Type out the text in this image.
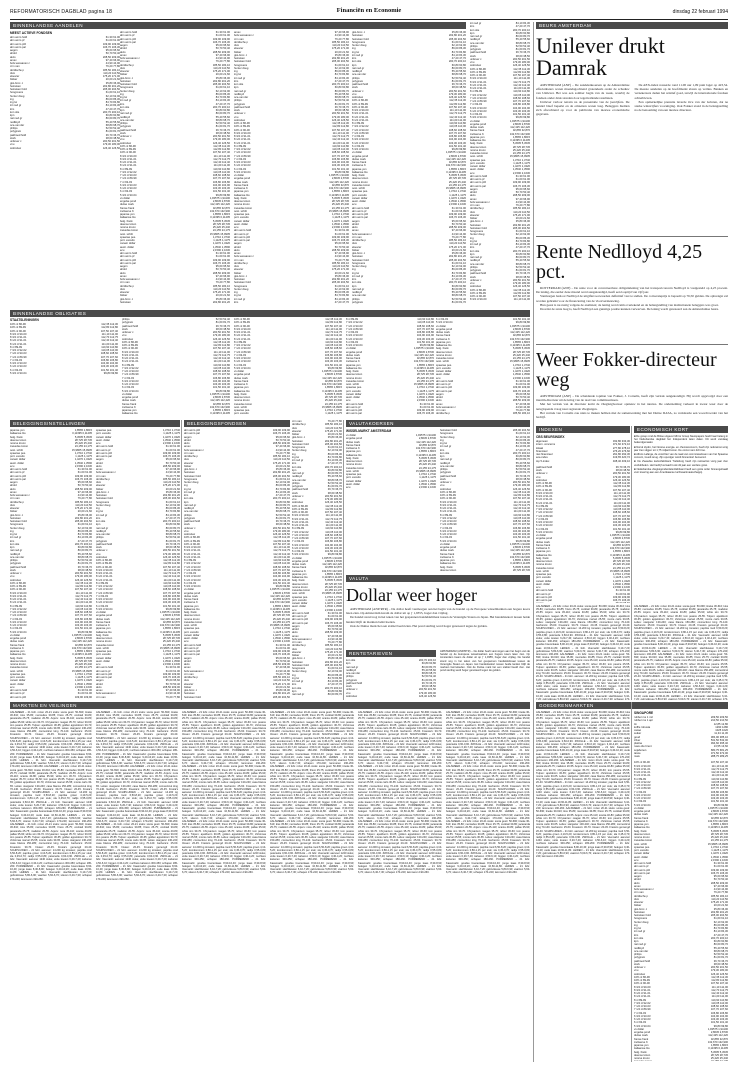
REFORMATORISCH DAGBLAD pagina 18	Financiën en Economie	dinsdag 22 februari 1994
BINNENLANDSE AANDELEN
MEEST ACTIEVE FONDSEN
abn amro hold	61.30 61.00
abn amro pf	61.00 61.00
abn amro pfd	109,90 109,90
abn amro pal	106,70 106,30
aegon	95,60 95,60
ahold	50,70 50,40
akzo	208,50 209,00
amev	97,40 96,90
bols wessanen c	44,90 44,90
crm van	76,20 77,80
dordtsche p	185,50 184,10
dsm	110,20 110,50
elsevier	175,20 171,00
fokker	20,00 21,60
gist-broc. c	35,80 36,00
heineken	202,80 201,20
heineken hold	205,00 204,50
hoogovens	61,60 61,10
hunter doug	62,10 62,00
ing	86,00 86,30
ing Iw	84,70 84,80
int ned gr	84,10 84,30
kim	47,20 47,70
kon olie	200,70 200,10
kpn	60,80 60,80
nat ned gr	80,60 80,70
nedlloyd	55,40 55,60
oce-van der	68,80 68,70
philips	52,50 52,40
polygram	81,60 81,70
pakhoed hold	36,70 36,70
stork	38,60 38,50
unilever c	200,50 201,50
vnu	179,30 180,00
wolt-kluw	126,40 126,50
abn amro hold	61.30 61.00
abn amro pf	61.00 61.00
abn amro pfd	109,90 109,90
abn amro pal	106,70 106,30
aegon	95,60 95,60
ahold	50,70 50,40
akzo	208,50 209,00
amev	97,40 96,90
bols wessanen c	44,90 44,90
crm van	76,20 77,80
dordtsche p	185,50 184,10
dsm	110,20 110,50
elsevier	175,20 171,00
fokker	20,00 21,60
gist-broc. c	35,80 36,00
heineken	202,80 201,20
heineken hold	205,00 204,50
hoogovens	61,60 61,10
hunter doug	62,10 62,00
ing	86,00 86,30
ing Iw	84,70 84,80
int ned gr	84,10 84,30
kim	47,20 47,70
kon olie	200,70 200,10
kpn	60,80 60,80
nat ned gr	80,60 80,70
nedlloyd	55,40 55,60
oce-van der	68,80 68,70
philips	52,50 52,40
polygram	81,60 81,70
pakhoed hold	36,70 36,70
stork	38,60 38,50
unilever c	200,50 201,50
vnu	179,30 180,00
wolt-kluw	126,40 126,50
10% nl 86-96	112,35 112,30
10% nl 89-99	112,80 112,80
10% nl 90-00	107,50 107,40
8 3/4 nl 90-00	111,10 111,00
8 3/4 nl 91-01	112,70 112,75
8 1/2 nl 91-01	112,40 112,40
8 1/4 nl 91-01	111,00 111,00
8 nl 89-99	110,90 110,80
7 3/4 nl 92-02	110,05 110,00
7 1/2 nl 93-03	108,60 108,60
7 1/4 nl 89-99	107,70 107,60
7 nl 93-03	106,80 106,80
6 3/4 nl 93-03	104,90 104,90
6 1/2 nl 93-03	103,30 103,30
6 nl 93-03	101,50 101,40
5 3/4 nl 93-04	99,80 99,80
vs dollar	1,93575 1,94100
engelse pond	2,8645 2,8730
duitse mark	112,425 112,420
franse frank	32,865 32,870
zwitserse fr.	132,670 132,900
japanse yen	1,8565 1,8615
italiaanse lire	0,11395 0,11405
belg. frank	5,4505 5,4545
deense kroon	28,725 28,745
noorse kroon	25,420 25,440
zweedse kroon	24,155 24,175
oost. schill.	15,9865 15,9905
spaanse pes.	1,3710 1,3740
port. escudo	1,1125 1,1175
canad. dollar	1,4270 1,4320
austr. dollar	1,3540 1,3590
ecu	2,1590 2,1630
abn amro hold	61.30 61.00
abn amro pf	61.00 61.00
abn amro pfd	109,90 109,90
abn amro pal	106,70 106,30
aegon	95,60 95,60
ahold	50,70 50,40
akzo	208,50 209,00
amev	97,40 96,90
bols wessanen c	44,90 44,90
crm van	76,20 77,80
dordtsche p	185,50 184,10
dsm	110,20 110,50
elsevier	175,20 171,00
fokker	20,00 21,60
gist-broc. c	35,80 36,00
heineken	202,80 201,20
amev	97,40 96,90
bols wessanen c	44,90 44,90
crm van	76,20 77,80
dordtsche p	185,50 184,10
dsm	110,20 110,50
elsevier	175,20 171,00
fokker	20,00 21,60
gist-broc. c	35,80 36,00
heineken	202,80 201,20
heineken hold	205,00 204,50
hoogovens	61,60 61,10
hunter doug	62,10 62,00
ing	86,00 86,30
ing Iw	84,70 84,80
int ned gr	84,10 84,30
kim	47,20 47,70
kon olie	200,70 200,10
kpn	60,80 60,80
nat ned gr	80,60 80,70
nedlloyd	55,40 55,60
oce-van der	68,80 68,70
philips	52,50 52,40
polygram	81,60 81,70
pakhoed hold	36,70 36,70
stork	38,60 38,50
unilever c	200,50 201,50
vnu	179,30 180,00
wolt-kluw	126,40 126,50
10% nl 86-96	112,35 112,30
10% nl 89-99	112,80 112,80
10% nl 90-00	107,50 107,40
8 3/4 nl 90-00	111,10 111,00
8 3/4 nl 91-01	112,70 112,75
8 1/2 nl 91-01	112,40 112,40
8 1/4 nl 91-01	111,00 111,00
8 nl 89-99	110,90 110,80
7 3/4 nl 92-02	110,05 110,00
7 1/2 nl 93-03	108,60 108,60
7 1/4 nl 89-99	107,70 107,60
7 nl 93-03	106,80 106,80
6 3/4 nl 93-03	104,90 104,90
6 1/2 nl 93-03	103,30 103,30
6 nl 93-03	101,50 101,40
5 3/4 nl 93-04	99,80 99,80
vs dollar	1,93575 1,94100
engelse pond	2,8645 2,8730
duitse mark	112,425 112,420
franse frank	32,865 32,870
zwitserse fr.	132,670 132,900
japanse yen	1,8565 1,8615
italiaanse lire	0,11395 0,11405
belg. frank	5,4505 5,4545
deense kroon	28,725 28,745
noorse kroon	25,420 25,440
zweedse kroon	24,155 24,175
oost. schill.	15,9865 15,9905
spaanse pes.	1,3710 1,3740
port. escudo	1,1125 1,1175
canad. dollar	1,4270 1,4320
austr. dollar	1,3540 1,3590
ecu	2,1590 2,1630
abn amro hold	61.30 61.00
abn amro pf	61.00 61.00
abn amro pfd	109,90 109,90
abn amro pal	106,70 106,30
aegon	95,60 95,60
ahold	50,70 50,40
akzo	208,50 209,00
amev	97,40 96,90
bols wessanen c	44,90 44,90
crm van	76,20 77,80
dordtsche p	185,50 184,10
dsm	110,20 110,50
elsevier	175,20 171,00
fokker	20,00 21,60
gist-broc. c	35,80 36,00
heineken	202,80 201,20
heineken hold	205,00 204,50
hoogovens	61,60 61,10
hunter doug	62,10 62,00
ing	86,00 86,30
ing Iw	84,70 84,80
int ned gr	84,10 84,30
kim	47,20 47,70
gist-broc. c	35,80 36,00
heineken	202,80 201,20
heineken hold	205,00 204,50
hoogovens	61,60 61,10
hunter doug	62,10 62,00
ing	86,00 86,30
ing Iw	84,70 84,80
int ned gr	84,10 84,30
kim	47,20 47,70
kon olie	200,70 200,10
kpn	60,80 60,80
nat ned gr	80,60 80,70
nedlloyd	55,40 55,60
oce-van der	68,80 68,70
philips	52,50 52,40
polygram	81,60 81,70
pakhoed hold	36,70 36,70
stork	38,60 38,50
unilever c	200,50 201,50
vnu	179,30 180,00
wolt-kluw	126,40 126,50
10% nl 86-96	112,35 112,30
10% nl 89-99	112,80 112,80
10% nl 90-00	107,50 107,40
8 3/4 nl 90-00	111,10 111,00
8 3/4 nl 91-01	112,70 112,75
8 1/2 nl 91-01	112,40 112,40
8 1/4 nl 91-01	111,00 111,00
8 nl 89-99	110,90 110,80
7 3/4 nl 92-02	110,05 110,00
7 1/2 nl 93-03	108,60 108,60
7 1/4 nl 89-99	107,70 107,60
7 nl 93-03	106,80 106,80
6 3/4 nl 93-03	104,90 104,90
6 1/2 nl 93-03	103,30 103,30
6 nl 93-03	101,50 101,40
5 3/4 nl 93-04	99,80 99,80
vs dollar	1,93575 1,94100
engelse pond	2,8645 2,8730
duitse mark	112,425 112,420
franse frank	32,865 32,870
zwitserse fr.	132,670 132,900
japanse yen	1,8565 1,8615
italiaanse lire	0,11395 0,11405
belg. frank	5,4505 5,4545
deense kroon	28,725 28,745
noorse kroon	25,420 25,440
zweedse kroon	24,155 24,175
oost. schill.	15,9865 15,9905
spaanse pes.	1,3710 1,3740
port. escudo	1,1125 1,1175
canad. dollar	1,4270 1,4320
austr. dollar	1,3540 1,3590
ecu	2,1590 2,1630
abn amro hold	61.30 61.00
abn amro pf	61.00 61.00
abn amro pfd	109,90 109,90
abn amro pal	106,70 106,30
aegon	95,60 95,60
ahold	50,70 50,40
akzo	208,50 209,00
amev	97,40 96,90
bols wessanen c	44,90 44,90
crm van	76,20 77,80
dordtsche p	185,50 184,10
dsm	110,20 110,50
elsevier	175,20 171,00
fokker	20,00 21,60
gist-broc. c	35,80 36,00
heineken	202,80 201,20
heineken hold	205,00 204,50
hoogovens	61,60 61,10
hunter doug	62,10 62,00
ing	86,00 86,30
ing Iw	84,70 84,80
int ned gr	84,10 84,30
kim	47,20 47,70
kon olie	200,70 200,10
kpn	60,80 60,80
nat ned gr	80,60 80,70
nedlloyd	55,40 55,60
oce-van der	68,80 68,70
philips	52,50 52,40
polygram	81,60 81,70
int ned gr	84,10 84,30
kim	47,20 47,70
kon olie	200,70 200,10
kpn	60,80 60,80
nat ned gr	80,60 80,70
nedlloyd	55,40 55,60
oce-van der	68,80 68,70
philips	52,50 52,40
polygram	81,60 81,70
pakhoed hold	36,70 36,70
stork	38,60 38,50
unilever c	200,50 201,50
vnu	179,30 180,00
wolt-kluw	126,40 126,50
10% nl 86-96	112,35 112,30
10% nl 89-99	112,80 112,80
10% nl 90-00	107,50 107,40
8 3/4 nl 90-00	111,10 111,00
8 3/4 nl 91-01	112,70 112,75
8 1/2 nl 91-01	112,40 112,40
8 1/4 nl 91-01	111,00 111,00
8 nl 89-99	110,90 110,80
7 3/4 nl 92-02	110,05 110,00
7 1/2 nl 93-03	108,60 108,60
7 1/4 nl 89-99	107,70 107,60
7 nl 93-03	106,80 106,80
6 3/4 nl 93-03	104,90 104,90
6 1/2 nl 93-03	103,30 103,30
6 nl 93-03	101,50 101,40
5 3/4 nl 93-04	99,80 99,80
vs dollar	1,93575 1,94100
engelse pond	2,8645 2,8730
duitse mark	112,425 112,420
franse frank	32,865 32,870
zwitserse fr.	132,670 132,900
japanse yen	1,8565 1,8615
italiaanse lire	0,11395 0,11405
belg. frank	5,4505 5,4545
deense kroon	28,725 28,745
noorse kroon	25,420 25,440
zweedse kroon	24,155 24,175
oost. schill.	15,9865 15,9905
spaanse pes.	1,3710 1,3740
port. escudo	1,1125 1,1175
canad. dollar	1,4270 1,4320
austr. dollar	1,3540 1,3590
ecu	2,1590 2,1630
abn amro hold	61.30 61.00
abn amro pf	61.00 61.00
abn amro pfd	109,90 109,90
abn amro pal	106,70 106,30
aegon	95,60 95,60
ahold	50,70 50,40
akzo	208,50 209,00
amev	97,40 96,90
bols wessanen c	44,90 44,90
crm van	76,20 77,80
dordtsche p	185,50 184,10
dsm	110,20 110,50
elsevier	175,20 171,00
fokker	20,00 21,60
gist-broc. c	35,80 36,00
heineken	202,80 201,20
heineken hold	205,00 204,50
hoogovens	61,60 61,10
hunter doug	62,10 62,00
ing	86,00 86,30
ing Iw	84,70 84,80
int ned gr	84,10 84,30
kim	47,20 47,70
kon olie	200,70 200,10
kpn	60,80 60,80
nat ned gr	80,60 80,70
nedlloyd	55,40 55,60
oce-van der	68,80 68,70
philips	52,50 52,40
polygram	81,60 81,70
pakhoed hold	36,70 36,70
stork	38,60 38,50
unilever c	200,50 201,50
vnu	179,30 180,00
wolt-kluw	126,40 126,50
10% nl 86-96	112,35 112,30
10% nl 89-99	112,80 112,80
10% nl 90-00	107,50 107,40
8 3/4 nl 90-00	111,10 111,00
BINNENLANDSE OBLIGATIES
STAATSLENINGEN
10% nl 86-96	112,35 112,30
10% nl 89-99	112,80 112,80
10% nl 90-00	107,50 107,40
8 3/4 nl 90-00	111,10 111,00
8 3/4 nl 91-01	112,70 112,75
8 1/2 nl 91-01	112,40 112,40
8 1/4 nl 91-01	111,00 111,00
8 nl 89-99	110,90 110,80
7 3/4 nl 92-02	110,05 110,00
7 1/2 nl 93-03	108,60 108,60
7 1/4 nl 89-99	107,70 107,60
7 nl 93-03	106,80 106,80
6 3/4 nl 93-03	104,90 104,90
6 1/2 nl 93-03	103,30 103,30
6 nl 93-03	101,50 101,40
5 3/4 nl 93-04	99,80 99,80
philips	52,50 52,40
polygram	81,60 81,70
pakhoed hold	36,70 36,70
stork	38,60 38,50
unilever c	200,50 201,50
vnu	179,30 180,00
wolt-kluw	126,40 126,50
10% nl 86-96	112,35 112,30
10% nl 89-99	112,80 112,80
10% nl 90-00	107,50 107,40
8 3/4 nl 90-00	111,10 111,00
8 3/4 nl 91-01	112,70 112,75
8 1/2 nl 91-01	112,40 112,40
8 1/4 nl 91-01	111,00 111,00
8 nl 89-99	110,90 110,80
7 3/4 nl 92-02	110,05 110,00
7 1/2 nl 93-03	108,60 108,60
7 1/4 nl 89-99	107,70 107,60
7 nl 93-03	106,80 106,80
6 3/4 nl 93-03	104,90 104,90
6 1/2 nl 93-03	103,30 103,30
6 nl 93-03	101,50 101,40
5 3/4 nl 93-04	99,80 99,80
vs dollar	1,93575 1,94100
engelse pond	2,8645 2,8730
duitse mark	112,425 112,420
franse frank	32,865 32,870
zwitserse fr.	132,670 132,900
japanse yen	1,8565 1,8615
italiaanse lire	0,11395 0,11405
10% nl 86-96	112,35 112,30
10% nl 89-99	112,80 112,80
10% nl 90-00	107,50 107,40
8 3/4 nl 90-00	111,10 111,00
8 3/4 nl 91-01	112,70 112,75
8 1/2 nl 91-01	112,40 112,40
8 1/4 nl 91-01	111,00 111,00
8 nl 89-99	110,90 110,80
7 3/4 nl 92-02	110,05 110,00
7 1/2 nl 93-03	108,60 108,60
7 1/4 nl 89-99	107,70 107,60
7 nl 93-03	106,80 106,80
6 3/4 nl 93-03	104,90 104,90
6 1/2 nl 93-03	103,30 103,30
6 nl 93-03	101,50 101,40
5 3/4 nl 93-04	99,80 99,80
vs dollar	1,93575 1,94100
engelse pond	2,8645 2,8730
duitse mark	112,425 112,420
franse frank	32,865 32,870
zwitserse fr.	132,670 132,900
japanse yen	1,8565 1,8615
italiaanse lire	0,11395 0,11405
belg. frank	5,4505 5,4545
deense kroon	28,725 28,745
noorse kroon	25,420 25,440
zweedse kroon	24,155 24,175
oost. schill.	15,9865 15,9905
spaanse pes.	1,3710 1,3740
port. escudo	1,1125 1,1175
8 nl 89-99	110,90 110,80
7 3/4 nl 92-02	110,05 110,00
7 1/2 nl 93-03	108,60 108,60
7 1/4 nl 89-99	107,70 107,60
7 nl 93-03	106,80 106,80
6 3/4 nl 93-03	104,90 104,90
6 1/2 nl 93-03	103,30 103,30
6 nl 93-03	101,50 101,40
5 3/4 nl 93-04	99,80 99,80
vs dollar	1,93575 1,94100
engelse pond	2,8645 2,8730
duitse mark	112,425 112,420
franse frank	32,865 32,870
zwitserse fr.	132,670 132,900
japanse yen	1,8565 1,8615
italiaanse lire	0,11395 0,11405
belg. frank	5,4505 5,4545
deense kroon	28,725 28,745
noorse kroon	25,420 25,440
zweedse kroon	24,155 24,175
oost. schill.	15,9865 15,9905
spaanse pes.	1,3710 1,3740
port. escudo	1,1125 1,1175
canad. dollar	1,4270 1,4320
austr. dollar	1,3540 1,3590
ecu	2,1590 2,1630
abn amro hold	61.30 61.00
abn amro pf	61.00 61.00
abn amro pfd	109,90 109,90
abn amro pal	106,70 106,30
6 nl 93-03	101,50 101,40
5 3/4 nl 93-04	99,80 99,80
vs dollar	1,93575 1,94100
engelse pond	2,8645 2,8730
duitse mark	112,425 112,420
franse frank	32,865 32,870
zwitserse fr.	132,670 132,900
japanse yen	1,8565 1,8615
italiaanse lire	0,11395 0,11405
belg. frank	5,4505 5,4545
deense kroon	28,725 28,745
noorse kroon	25,420 25,440
zweedse kroon	24,155 24,175
oost. schill.	15,9865 15,9905
spaanse pes.	1,3710 1,3740
port. escudo	1,1125 1,1175
canad. dollar	1,4270 1,4320
austr. dollar	1,3540 1,3590
ecu	2,1590 2,1630
abn amro hold	61.30 61.00
abn amro pf	61.00 61.00
abn amro pfd	109,90 109,90
abn amro pal	106,70 106,30
aegon	95,60 95,60
ahold	50,70 50,40
akzo	208,50 209,00
amev	97,40 96,90
bols wessanen c	44,90 44,90
crm van	76,20 77,80
dordtsche p	185,50 184,10
BELEGGINGSINSTELLINGEN
japanse yen	1,8565 1,8615
italiaanse lire	0,11395 0,11405
belg. frank	5,4505 5,4545
deense kroon	28,725 28,745
noorse kroon	25,420 25,440
zweedse kroon	24,155 24,175
oost. schill.	15,9865 15,9905
spaanse pes.	1,3710 1,3740
port. escudo	1,1125 1,1175
canad. dollar	1,4270 1,4320
austr. dollar	1,3540 1,3590
ecu	2,1590 2,1630
abn amro hold	61.30 61.00
abn amro pf	61.00 61.00
abn amro pfd	109,90 109,90
abn amro pal	106,70 106,30
aegon	95,60 95,60
ahold	50,70 50,40
akzo	208,50 209,00
amev	97,40 96,90
bols wessanen c	44,90 44,90
crm van	76,20 77,80
dordtsche p	185,50 184,10
dsm	110,20 110,50
elsevier	175,20 171,00
fokker	20,00 21,60
gist-broc. c	35,80 36,00
heineken	202,80 201,20
heineken hold	205,00 204,50
hoogovens	61,60 61,10
hunter doug	62,10 62,00
ing	86,00 86,30
ing Iw	84,70 84,80
int ned gr	84,10 84,30
kim	47,20 47,70
kon olie	200,70 200,10
kpn	60,80 60,80
nat ned gr	80,60 80,70
nedlloyd	55,40 55,60
oce-van der	68,80 68,70
philips	52,50 52,40
polygram	81,60 81,70
pakhoed hold	36,70 36,70
stork	38,60 38,50
unilever c	200,50 201,50
vnu	179,30 180,00
wolt-kluw	126,40 126,50
10% nl 86-96	112,35 112,30
10% nl 89-99	112,80 112,80
10% nl 90-00	107,50 107,40
8 3/4 nl 90-00	111,10 111,00
8 3/4 nl 91-01	112,70 112,75
8 1/2 nl 91-01	112,40 112,40
8 1/4 nl 91-01	111,00 111,00
8 nl 89-99	110,90 110,80
7 3/4 nl 92-02	110,05 110,00
7 1/2 nl 93-03	108,60 108,60
7 1/4 nl 89-99	107,70 107,60
7 nl 93-03	106,80 106,80
6 3/4 nl 93-03	104,90 104,90
6 1/2 nl 93-03	103,30 103,30
6 nl 93-03	101,50 101,40
5 3/4 nl 93-04	99,80 99,80
vs dollar	1,93575 1,94100
engelse pond	2,8645 2,8730
duitse mark	112,425 112,420
franse frank	32,865 32,870
zwitserse fr.	132,670 132,900
japanse yen	1,8565 1,8615
italiaanse lire	0,11395 0,11405
belg. frank	5,4505 5,4545
deense kroon	28,725 28,745
noorse kroon	25,420 25,440
zweedse kroon	24,155 24,175
oost. schill.	15,9865 15,9905
spaanse pes.	1,3710 1,3740
port. escudo	1,1125 1,1175
canad. dollar	1,4270 1,4320
austr. dollar	1,3540 1,3590
ecu	2,1590 2,1630
abn amro hold	61.30 61.00
abn amro pf	61.00 61.00
abn amro pfd	109,90 109,90
spaanse pes.	1,3710 1,3740
port. escudo	1,1125 1,1175
canad. dollar	1,4270 1,4320
austr. dollar	1,3540 1,3590
ecu	2,1590 2,1630
abn amro hold	61.30 61.00
abn amro pf	61.00 61.00
abn amro pfd	109,90 109,90
abn amro pal	106,70 106,30
aegon	95,60 95,60
ahold	50,70 50,40
akzo	208,50 209,00
amev	97,40 96,90
bols wessanen c	44,90 44,90
crm van	76,20 77,80
dordtsche p	185,50 184,10
dsm	110,20 110,50
elsevier	175,20 171,00
fokker	20,00 21,60
gist-broc. c	35,80 36,00
heineken	202,80 201,20
heineken hold	205,00 204,50
hoogovens	61,60 61,10
hunter doug	62,10 62,00
ing	86,00 86,30
ing Iw	84,70 84,80
int ned gr	84,10 84,30
kim	47,20 47,70
kon olie	200,70 200,10
kpn	60,80 60,80
nat ned gr	80,60 80,70
nedlloyd	55,40 55,60
oce-van der	68,80 68,70
philips	52,50 52,40
polygram	81,60 81,70
pakhoed hold	36,70 36,70
stork	38,60 38,50
unilever c	200,50 201,50
vnu	179,30 180,00
wolt-kluw	126,40 126,50
10% nl 86-96	112,35 112,30
10% nl 89-99	112,80 112,80
10% nl 90-00	107,50 107,40
8 3/4 nl 90-00	111,10 111,00
8 3/4 nl 91-01	112,70 112,75
8 1/2 nl 91-01	112,40 112,40
8 1/4 nl 91-01	111,00 111,00
8 nl 89-99	110,90 110,80
7 3/4 nl 92-02	110,05 110,00
7 1/2 nl 93-03	108,60 108,60
7 1/4 nl 89-99	107,70 107,60
7 nl 93-03	106,80 106,80
6 3/4 nl 93-03	104,90 104,90
6 1/2 nl 93-03	103,30 103,30
6 nl 93-03	101,50 101,40
5 3/4 nl 93-04	99,80 99,80
vs dollar	1,93575 1,94100
engelse pond	2,8645 2,8730
duitse mark	112,425 112,420
franse frank	32,865 32,870
zwitserse fr.	132,670 132,900
japanse yen	1,8565 1,8615
italiaanse lire	0,11395 0,11405
belg. frank	5,4505 5,4545
deense kroon	28,725 28,745
noorse kroon	25,420 25,440
zweedse kroon	24,155 24,175
oost. schill.	15,9865 15,9905
spaanse pes.	1,3710 1,3740
port. escudo	1,1125 1,1175
canad. dollar	1,4270 1,4320
austr. dollar	1,3540 1,3590
ecu	2,1590 2,1630
abn amro hold	61.30 61.00
abn amro pf	61.00 61.00
abn amro pfd	109,90 109,90
abn amro pal	106,70 106,30
aegon	95,60 95,60
ahold	50,70 50,40
akzo	208,50 209,00
amev	97,40 96,90
bols wessanen c	44,90 44,90
crm van	76,20 77,80
BELEGGINGSFONDSEN
abn amro pfd	109,90 109,90
abn amro pal	106,70 106,30
aegon	95,60 95,60
ahold	50,70 50,40
akzo	208,50 209,00
amev	97,40 96,90
bols wessanen c	44,90 44,90
crm van	76,20 77,80
dordtsche p	185,50 184,10
dsm	110,20 110,50
elsevier	175,20 171,00
fokker	20,00 21,60
gist-broc. c	35,80 36,00
heineken	202,80 201,20
heineken hold	205,00 204,50
hoogovens	61,60 61,10
hunter doug	62,10 62,00
ing	86,00 86,30
ing Iw	84,70 84,80
int ned gr	84,10 84,30
kim	47,20 47,70
kon olie	200,70 200,10
kpn	60,80 60,80
nat ned gr	80,60 80,70
nedlloyd	55,40 55,60
oce-van der	68,80 68,70
philips	52,50 52,40
polygram	81,60 81,70
pakhoed hold	36,70 36,70
stork	38,60 38,50
unilever c	200,50 201,50
vnu	179,30 180,00
wolt-kluw	126,40 126,50
10% nl 86-96	112,35 112,30
10% nl 89-99	112,80 112,80
10% nl 90-00	107,50 107,40
8 3/4 nl 90-00	111,10 111,00
8 3/4 nl 91-01	112,70 112,75
8 1/2 nl 91-01	112,40 112,40
8 1/4 nl 91-01	111,00 111,00
8 nl 89-99	110,90 110,80
7 3/4 nl 92-02	110,05 110,00
7 1/2 nl 93-03	108,60 108,60
7 1/4 nl 89-99	107,70 107,60
7 nl 93-03	106,80 106,80
6 3/4 nl 93-03	104,90 104,90
6 1/2 nl 93-03	103,30 103,30
6 nl 93-03	101,50 101,40
5 3/4 nl 93-04	99,80 99,80
vs dollar	1,93575 1,94100
engelse pond	2,8645 2,8730
duitse mark	112,425 112,420
franse frank	32,865 32,870
zwitserse fr.	132,670 132,900
japanse yen	1,8565 1,8615
italiaanse lire	0,11395 0,11405
belg. frank	5,4505 5,4545
deense kroon	28,725 28,745
noorse kroon	25,420 25,440
zweedse kroon	24,155 24,175
oost. schill.	15,9865 15,9905
spaanse pes.	1,3710 1,3740
port. escudo	1,1125 1,1175
canad. dollar	1,4270 1,4320
austr. dollar	1,3540 1,3590
ecu	2,1590 2,1630
abn amro hold	61.30 61.00
abn amro pf	61.00 61.00
abn amro pfd	109,90 109,90
abn amro pal	106,70 106,30
aegon	95,60 95,60
ahold	50,70 50,40
akzo	208,50 209,00
amev	97,40 96,90
bols wessanen c	44,90 44,90
crm van	76,20 77,80
dordtsche p	185,50 184,10
dsm	110,20 110,50
elsevier	175,20 171,00
fokker	20,00 21,60
gist-broc. c	35,80 36,00
heineken	202,80 201,20
heineken hold	205,00 204,50
crm van	76,20 77,80
dordtsche p	185,50 184,10
dsm	110,20 110,50
elsevier	175,20 171,00
fokker	20,00 21,60
gist-broc. c	35,80 36,00
heineken	202,80 201,20
heineken hold	205,00 204,50
hoogovens	61,60 61,10
hunter doug	62,10 62,00
ing	86,00 86,30
ing Iw	84,70 84,80
int ned gr	84,10 84,30
kim	47,20 47,70
kon olie	200,70 200,10
kpn	60,80 60,80
nat ned gr	80,60 80,70
nedlloyd	55,40 55,60
oce-van der	68,80 68,70
philips	52,50 52,40
polygram	81,60 81,70
pakhoed hold	36,70 36,70
stork	38,60 38,50
unilever c	200,50 201,50
vnu	179,30 180,00
wolt-kluw	126,40 126,50
10% nl 86-96	112,35 112,30
10% nl 89-99	112,80 112,80
10% nl 90-00	107,50 107,40
8 3/4 nl 90-00	111,10 111,00
8 3/4 nl 91-01	112,70 112,75
8 1/2 nl 91-01	112,40 112,40
8 1/4 nl 91-01	111,00 111,00
8 nl 89-99	110,90 110,80
7 3/4 nl 92-02	110,05 110,00
7 1/2 nl 93-03	108,60 108,60
7 1/4 nl 89-99	107,70 107,60
7 nl 93-03	106,80 106,80
6 3/4 nl 93-03	104,90 104,90
6 1/2 nl 93-03	103,30 103,30
6 nl 93-03	101,50 101,40
5 3/4 nl 93-04	99,80 99,80
vs dollar	1,93575 1,94100
engelse pond	2,8645 2,8730
duitse mark	112,425 112,420
franse frank	32,865 32,870
zwitserse fr.	132,670 132,900
japanse yen	1,8565 1,8615
italiaanse lire	0,11395 0,11405
belg. frank	5,4505 5,4545
deense kroon	28,725 28,745
noorse kroon	25,420 25,440
zweedse kroon	24,155 24,175
oost. schill.	15,9865 15,9905
spaanse pes.	1,3710 1,3740
port. escudo	1,1125 1,1175
canad. dollar	1,4270 1,4320
austr. dollar	1,3540 1,3590
ecu	2,1590 2,1630
abn amro hold	61.30 61.00
abn amro pf	61.00 61.00
abn amro pfd	109,90 109,90
abn amro pal	106,70 106,30
aegon	95,60 95,60
ahold	50,70 50,40
akzo	208,50 209,00
amev	97,40 96,90
bols wessanen c	44,90 44,90
crm van	76,20 77,80
dordtsche p	185,50 184,10
dsm	110,20 110,50
elsevier	175,20 171,00
fokker	20,00 21,60
gist-broc. c	35,80 36,00
heineken	202,80 201,20
heineken hold	205,00 204,50
hoogovens	61,60 61,10
hunter doug	62,10 62,00
ing	86,00 86,30
ing Iw	84,70 84,80
int ned gr	84,10 84,30
kim	47,20 47,70
kon olie	200,70 200,10
kpn	60,80 60,80
nat ned gr	80,60 80,70
VALUTAKOERSEN
WISSELMARKT AMSTERDAM
vs dollar	1,93575 1,94100
engelse pond	2,8645 2,8730
duitse mark	112,425 112,420
franse frank	32,865 32,870
zwitserse fr.	132,670 132,900
japanse yen	1,8565 1,8615
italiaanse lire	0,11395 0,11405
belg. frank	5,4505 5,4545
deense kroon	28,725 28,745
noorse kroon	25,420 25,440
zweedse kroon	24,155 24,175
oost. schill.	15,9865 15,9905
spaanse pes.	1,3710 1,3740
port. escudo	1,1125 1,1175
canad. dollar	1,4270 1,4320
austr. dollar	1,3540 1,3590
ecu	2,1590 2,1630
heineken hold	205,00 204,50
hoogovens	61,60 61,10
hunter doug	62,10 62,00
ing	86,00 86,30
ing Iw	84,70 84,80
int ned gr	84,10 84,30
kim	47,20 47,70
kon olie	200,70 200,10
kpn	60,80 60,80
nat ned gr	80,60 80,70
nedlloyd	55,40 55,60
oce-van der	68,80 68,70
philips	52,50 52,40
polygram	81,60 81,70
pakhoed hold	36,70 36,70
stork	38,60 38,50
unilever c	200,50 201,50
vnu	179,30 180,00
wolt-kluw	126,40 126,50
10% nl 86-96	112,35 112,30
10% nl 89-99	112,80 112,80
10% nl 90-00	107,50 107,40
8 3/4 nl 90-00	111,10 111,00
8 3/4 nl 91-01	112,70 112,75
8 1/2 nl 91-01	112,40 112,40
8 1/4 nl 91-01	111,00 111,00
8 nl 89-99	110,90 110,80
7 3/4 nl 92-02	110,05 110,00
7 1/2 nl 93-03	108,60 108,60
7 1/4 nl 89-99	107,70 107,60
7 nl 93-03	106,80 106,80
6 3/4 nl 93-03	104,90 104,90
6 1/2 nl 93-03	103,30 103,30
6 nl 93-03	101,50 101,40
5 3/4 nl 93-04	99,80 99,80
vs dollar	1,93575 1,94100
engelse pond	2,8645 2,8730
duitse mark	112,425 112,420
franse frank	32,865 32,870
zwitserse fr.	132,670 132,900
japanse yen	1,8565 1,8615
italiaanse lire	0,11395 0,11405
belg. frank	5,4505 5,4545
deense kroon	28,725 28,745
VALUTA
Dollar weer hoger

AMSTERDAM (ANP/RTR) – De dollar heeft vanmorgen aan het begin van de handel op de Europese wisselmarkten een hogere koers laten zien. Op Amsterdam kwam de dollar uit op ƒ 1,9355, hoger dan vrijdag.

De handel stond nog in het teken van het gespannen handelsklimaat tussen de Verenigde Staten en Japan. Het handelstekort tussen beide landen blijft de markten beïnvloeden.

Ook de Duitse mark liet een stabiel beeld zien. Het pond sterling werd hoger genoteerd tegen de gulden.

RENTETARIEVEN
kon olie	200,70 200,10
kpn	60,80 60,80
nat ned gr	80,60 80,70
nedlloyd	55,40 55,60
oce-van der	68,80 68,70
philips	52,50 52,40
polygram	81,60 81,70
pakhoed hold	36,70 36,70
stork	38,60 38,50
unilever c	200,50 201,50
vnu	179,30 180,00
wolt-kluw	126,40 126,50
AMSTERDAM (ANP/RTR) – De dollar heeft vanmorgen aan het begin van de handel op de Europese wisselmarkten een hogere koers laten zien. Op Amsterdam kwam de dollar uit op ƒ 1,9355, hoger dan vrijdag. De handel stond nog in het teken van het gespannen handelsklimaat tussen de Verenigde Staten en Japan. Het handelstekort tussen beide landen blijft de markten beïnvloeden. Ook de Duitse mark liet een stabiel beeld zien. Het pond sterling werd hoger genoteerd tegen de gulden.
MARKTEN EN VEILINGEN
AALSMEER – 21 febr. rozen 20-21 stuks: sonia gestr. 50-690; tineke 30-610; kiss 35-80; mercedes 30-85; frisco 25-75; cocktail 30-80; jacaranda 25-75; madelon 20-55. Anjers: nora 45-110; scania 40-80; pallas 35-90; white sim 30-70. Chrysanten: reagan 35-70; refour 30-60; tom pearce 25-55. Tulpen: apeldoorn 30-65; golden appeldoorn 30-70; christmas marvel 25-55; monte carlo 30-65. Lelies: stargazer 130-240; casa blanca 150-280; connecticut king 70-140. Gerbera's: 25-60. Freesia's: 30-70. Irissen: 20-45. Fresia's gemengd 20-40. SCHIPLUIDEN – 21 febr. aanvoer: 14.200 kg tomaten; paprika rood 6,50-8,20; paprika groen 4,10-5,20; komkommers 0,80-1,15 per stuk; sla 0,45-0,70; radijs 0,55-0,80; peterselie 0,60-0,90. ZWOLLE – 21 febr. Veemarkt: aanvoer 1240 stuks; vette koeien 6,20-7,40; kalveren 4,50-6,10; biggen 3,40-4,20; nuchtere kalveren 300-450; schapen 180-260. PURMEREND – 21 febr. Kaasmarkt: goudse boerenkaas 8,90-10,40; jonge kaas 8,30-8,90; belegen 9,40-10,20; oude kaas 10,60-11,80. LEIDEN – 21 febr. Veemarkt: slachtkoeien 6,10-7,20; gebruiksvee 5,80-6,90; vaarzen 5,60-6,70; stieren 6,40-7,30; schapen 170-240; lammeren 190-260. AALSMEER – 21 febr. rozen 20-21 stuks: sonia gestr. 50-690; tineke 30-610; kiss 35-80; mercedes 30-85; frisco 25-75; cocktail 30-80; jacaranda 25-75; madelon 20-55. Anjers: nora 45-110; scania 40-80; pallas 35-90; white sim 30-70. Chrysanten: reagan 35-70; refour 30-60; tom pearce 25-55. Tulpen: apeldoorn 30-65; golden appeldoorn 30-70; christmas marvel 25-55; monte carlo 30-65. Lelies: stargazer 130-240; casa blanca 150-280; connecticut king 70-140. Gerbera's: 25-60. Freesia's: 30-70. Irissen: 20-45. Fresia's gemengd 20-40. SCHIPLUIDEN – 21 febr. aanvoer: 14.200 kg tomaten; paprika rood 6,50-8,20; paprika groen 4,10-5,20; komkommers 0,80-1,15 per stuk; sla 0,45-0,70; radijs 0,55-0,80; peterselie 0,60-0,90. ZWOLLE – 21 febr. Veemarkt: aanvoer 1240 stuks; vette koeien 6,20-7,40; kalveren 4,50-6,10; biggen 3,40-4,20; nuchtere kalveren 300-450; schapen 180-260. PURMEREND – 21 febr. Kaasmarkt: goudse boerenkaas 8,90-10,40; jonge kaas 8,30-8,90; belegen 9,40-10,20; oude kaas 10,60-11,80. LEIDEN – 21 febr. Veemarkt: slachtkoeien 6,10-7,20; gebruiksvee 5,80-6,90; vaarzen 5,60-6,70; stieren 6,40-7,30; schapen 170-240; lammeren 190-260. AALSMEER – 21 febr. rozen 20-21 stuks: sonia gestr. 50-690; tineke 30-610; kiss 35-80; mercedes 30-85; frisco 25-75; cocktail 30-80; jacaranda 25-75; madelon 20-55. Anjers: nora 45-110; scania 40-80; pallas 35-90; white sim 30-70. Chrysanten: reagan 35-70; refour 30-60; tom pearce 25-55. Tulpen: apeldoorn 30-65; golden appeldoorn 30-70; christmas marvel 25-55; monte carlo 30-65. Lelies: stargazer 130-240; casa blanca 150-280; connecticut king 70-140. Gerbera's: 25-60. Freesia's: 30-70. Irissen: 20-45. Fresia's gemengd 20-40. SCHIPLUIDEN – 21 febr. aanvoer: 14.200 kg tomaten; paprika rood 6,50-8,20; paprika groen 4,10-5,20; komkommers 0,80-1,15 per stuk; sla 0,45-0,70; radijs 0,55-0,80; peterselie 0,60-0,90. ZWOLLE – 21 febr. Veemarkt: aanvoer 1240 stuks; vette koeien 6,20-7,40; kalveren 4,50-6,10; biggen 3,40-4,20; nuchtere kalveren 300-450; schapen 180-260. PURMEREND – 21 febr. Kaasmarkt: goudse boerenkaas 8,90-10,40; jonge kaas 8,30-8,90; belegen 9,40-10,20; oude kaas 10,60-11,80. LEIDEN – 21 febr. Veemarkt: slachtkoeien 6,10-7,20; gebruiksvee 5,80-6,90; vaarzen 5,60-6,70; stieren 6,40-7,30; schapen 170-240; lammeren 190-260.
AALSMEER – 21 febr. rozen 20-21 stuks: sonia gestr. 50-690; tineke 30-610; kiss 35-80; mercedes 30-85; frisco 25-75; cocktail 30-80; jacaranda 25-75; madelon 20-55. Anjers: nora 45-110; scania 40-80; pallas 35-90; white sim 30-70. Chrysanten: reagan 35-70; refour 30-60; tom pearce 25-55. Tulpen: apeldoorn 30-65; golden appeldoorn 30-70; christmas marvel 25-55; monte carlo 30-65. Lelies: stargazer 130-240; casa blanca 150-280; connecticut king 70-140. Gerbera's: 25-60. Freesia's: 30-70. Irissen: 20-45. Fresia's gemengd 20-40. SCHIPLUIDEN – 21 febr. aanvoer: 14.200 kg tomaten; paprika rood 6,50-8,20; paprika groen 4,10-5,20; komkommers 0,80-1,15 per stuk; sla 0,45-0,70; radijs 0,55-0,80; peterselie 0,60-0,90. ZWOLLE – 21 febr. Veemarkt: aanvoer 1240 stuks; vette koeien 6,20-7,40; kalveren 4,50-6,10; biggen 3,40-4,20; nuchtere kalveren 300-450; schapen 180-260. PURMEREND – 21 febr. Kaasmarkt: goudse boerenkaas 8,90-10,40; jonge kaas 8,30-8,90; belegen 9,40-10,20; oude kaas 10,60-11,80. LEIDEN – 21 febr. Veemarkt: slachtkoeien 6,10-7,20; gebruiksvee 5,80-6,90; vaarzen 5,60-6,70; stieren 6,40-7,30; schapen 170-240; lammeren 190-260. AALSMEER – 21 febr. rozen 20-21 stuks: sonia gestr. 50-690; tineke 30-610; kiss 35-80; mercedes 30-85; frisco 25-75; cocktail 30-80; jacaranda 25-75; madelon 20-55. Anjers: nora 45-110; scania 40-80; pallas 35-90; white sim 30-70. Chrysanten: reagan 35-70; refour 30-60; tom pearce 25-55. Tulpen: apeldoorn 30-65; golden appeldoorn 30-70; christmas marvel 25-55; monte carlo 30-65. Lelies: stargazer 130-240; casa blanca 150-280; connecticut king 70-140. Gerbera's: 25-60. Freesia's: 30-70. Irissen: 20-45. Fresia's gemengd 20-40. SCHIPLUIDEN – 21 febr. aanvoer: 14.200 kg tomaten; paprika rood 6,50-8,20; paprika groen 4,10-5,20; komkommers 0,80-1,15 per stuk; sla 0,45-0,70; radijs 0,55-0,80; peterselie 0,60-0,90. ZWOLLE – 21 febr. Veemarkt: aanvoer 1240 stuks; vette koeien 6,20-7,40; kalveren 4,50-6,10; biggen 3,40-4,20; nuchtere kalveren 300-450; schapen 180-260. PURMEREND – 21 febr. Kaasmarkt: goudse boerenkaas 8,90-10,40; jonge kaas 8,30-8,90; belegen 9,40-10,20; oude kaas 10,60-11,80. LEIDEN – 21 febr. Veemarkt: slachtkoeien 6,10-7,20; gebruiksvee 5,80-6,90; vaarzen 5,60-6,70; stieren 6,40-7,30; schapen 170-240; lammeren 190-260. AALSMEER – 21 febr. rozen 20-21 stuks: sonia gestr. 50-690; tineke 30-610; kiss 35-80; mercedes 30-85; frisco 25-75; cocktail 30-80; jacaranda 25-75; madelon 20-55. Anjers: nora 45-110; scania 40-80; pallas 35-90; white sim 30-70. Chrysanten: reagan 35-70; refour 30-60; tom pearce 25-55. Tulpen: apeldoorn 30-65; golden appeldoorn 30-70; christmas marvel 25-55; monte carlo 30-65. Lelies: stargazer 130-240; casa blanca 150-280; connecticut king 70-140. Gerbera's: 25-60. Freesia's: 30-70. Irissen: 20-45. Fresia's gemengd 20-40. SCHIPLUIDEN – 21 febr. aanvoer: 14.200 kg tomaten; paprika rood 6,50-8,20; paprika groen 4,10-5,20; komkommers 0,80-1,15 per stuk; sla 0,45-0,70; radijs 0,55-0,80; peterselie 0,60-0,90. ZWOLLE – 21 febr. Veemarkt: aanvoer 1240 stuks; vette koeien 6,20-7,40; kalveren 4,50-6,10; biggen 3,40-4,20; nuchtere kalveren 300-450; schapen 180-260. PURMEREND – 21 febr. Kaasmarkt: goudse boerenkaas 8,90-10,40; jonge kaas 8,30-8,90; belegen 9,40-10,20; oude kaas 10,60-11,80. LEIDEN – 21 febr. Veemarkt: slachtkoeien 6,10-7,20; gebruiksvee 5,80-6,90; vaarzen 5,60-6,70; stieren 6,40-7,30; schapen 170-240; lammeren 190-260.
AALSMEER – 21 febr. rozen 20-21 stuks: sonia gestr. 50-690; tineke 30-610; kiss 35-80; mercedes 30-85; frisco 25-75; cocktail 30-80; jacaranda 25-75; madelon 20-55. Anjers: nora 45-110; scania 40-80; pallas 35-90; white sim 30-70. Chrysanten: reagan 35-70; refour 30-60; tom pearce 25-55. Tulpen: apeldoorn 30-65; golden appeldoorn 30-70; christmas marvel 25-55; monte carlo 30-65. Lelies: stargazer 130-240; casa blanca 150-280; connecticut king 70-140. Gerbera's: 25-60. Freesia's: 30-70. Irissen: 20-45. Fresia's gemengd 20-40. SCHIPLUIDEN – 21 febr. aanvoer: 14.200 kg tomaten; paprika rood 6,50-8,20; paprika groen 4,10-5,20; komkommers 0,80-1,15 per stuk; sla 0,45-0,70; radijs 0,55-0,80; peterselie 0,60-0,90. ZWOLLE – 21 febr. Veemarkt: aanvoer 1240 stuks; vette koeien 6,20-7,40; kalveren 4,50-6,10; biggen 3,40-4,20; nuchtere kalveren 300-450; schapen 180-260. PURMEREND – 21 febr. Kaasmarkt: goudse boerenkaas 8,90-10,40; jonge kaas 8,30-8,90; belegen 9,40-10,20; oude kaas 10,60-11,80. LEIDEN – 21 febr. Veemarkt: slachtkoeien 6,10-7,20; gebruiksvee 5,80-6,90; vaarzen 5,60-6,70; stieren 6,40-7,30; schapen 170-240; lammeren 190-260. AALSMEER – 21 febr. rozen 20-21 stuks: sonia gestr. 50-690; tineke 30-610; kiss 35-80; mercedes 30-85; frisco 25-75; cocktail 30-80; jacaranda 25-75; madelon 20-55. Anjers: nora 45-110; scania 40-80; pallas 35-90; white sim 30-70. Chrysanten: reagan 35-70; refour 30-60; tom pearce 25-55. Tulpen: apeldoorn 30-65; golden appeldoorn 30-70; christmas marvel 25-55; monte carlo 30-65. Lelies: stargazer 130-240; casa blanca 150-280; connecticut king 70-140. Gerbera's: 25-60. Freesia's: 30-70. Irissen: 20-45. Fresia's gemengd 20-40. SCHIPLUIDEN – 21 febr. aanvoer: 14.200 kg tomaten; paprika rood 6,50-8,20; paprika groen 4,10-5,20; komkommers 0,80-1,15 per stuk; sla 0,45-0,70; radijs 0,55-0,80; peterselie 0,60-0,90. ZWOLLE – 21 febr. Veemarkt: aanvoer 1240 stuks; vette koeien 6,20-7,40; kalveren 4,50-6,10; biggen 3,40-4,20; nuchtere kalveren 300-450; schapen 180-260. PURMEREND – 21 febr. Kaasmarkt: goudse boerenkaas 8,90-10,40; jonge kaas 8,30-8,90; belegen 9,40-10,20; oude kaas 10,60-11,80. LEIDEN – 21 febr. Veemarkt: slachtkoeien 6,10-7,20; gebruiksvee 5,80-6,90; vaarzen 5,60-6,70; stieren 6,40-7,30; schapen 170-240; lammeren 190-260. AALSMEER – 21 febr. rozen 20-21 stuks: sonia gestr. 50-690; tineke 30-610; kiss 35-80; mercedes 30-85; frisco 25-75; cocktail 30-80; jacaranda 25-75; madelon 20-55. Anjers: nora 45-110; scania 40-80; pallas 35-90; white sim 30-70. Chrysanten: reagan 35-70; refour 30-60; tom pearce 25-55. Tulpen: apeldoorn 30-65; golden appeldoorn 30-70; christmas marvel 25-55; monte carlo 30-65. Lelies: stargazer 130-240; casa blanca 150-280; connecticut king 70-140. Gerbera's: 25-60. Freesia's: 30-70. Irissen: 20-45. Fresia's gemengd 20-40. SCHIPLUIDEN – 21 febr. aanvoer: 14.200 kg tomaten; paprika rood 6,50-8,20; paprika groen 4,10-5,20; komkommers 0,80-1,15 per stuk; sla 0,45-0,70; radijs 0,55-0,80; peterselie 0,60-0,90. ZWOLLE – 21 febr. Veemarkt: aanvoer 1240 stuks; vette koeien 6,20-7,40; kalveren 4,50-6,10; biggen 3,40-4,20; nuchtere kalveren 300-450; schapen 180-260. PURMEREND – 21 febr. Kaasmarkt: goudse boerenkaas 8,90-10,40; jonge kaas 8,30-8,90; belegen 9,40-10,20; oude kaas 10,60-11,80. LEIDEN – 21 febr. Veemarkt: slachtkoeien 6,10-7,20; gebruiksvee 5,80-6,90; vaarzen 5,60-6,70; stieren 6,40-7,30; schapen 170-240; lammeren 190-260.
AALSMEER – 21 febr. rozen 20-21 stuks: sonia gestr. 50-690; tineke 30-610; kiss 35-80; mercedes 30-85; frisco 25-75; cocktail 30-80; jacaranda 25-75; madelon 20-55. Anjers: nora 45-110; scania 40-80; pallas 35-90; white sim 30-70. Chrysanten: reagan 35-70; refour 30-60; tom pearce 25-55. Tulpen: apeldoorn 30-65; golden appeldoorn 30-70; christmas marvel 25-55; monte carlo 30-65. Lelies: stargazer 130-240; casa blanca 150-280; connecticut king 70-140. Gerbera's: 25-60. Freesia's: 30-70. Irissen: 20-45. Fresia's gemengd 20-40. SCHIPLUIDEN – 21 febr. aanvoer: 14.200 kg tomaten; paprika rood 6,50-8,20; paprika groen 4,10-5,20; komkommers 0,80-1,15 per stuk; sla 0,45-0,70; radijs 0,55-0,80; peterselie 0,60-0,90. ZWOLLE – 21 febr. Veemarkt: aanvoer 1240 stuks; vette koeien 6,20-7,40; kalveren 4,50-6,10; biggen 3,40-4,20; nuchtere kalveren 300-450; schapen 180-260. PURMEREND – 21 febr. Kaasmarkt: goudse boerenkaas 8,90-10,40; jonge kaas 8,30-8,90; belegen 9,40-10,20; oude kaas 10,60-11,80. LEIDEN – 21 febr. Veemarkt: slachtkoeien 6,10-7,20; gebruiksvee 5,80-6,90; vaarzen 5,60-6,70; stieren 6,40-7,30; schapen 170-240; lammeren 190-260. AALSMEER – 21 febr. rozen 20-21 stuks: sonia gestr. 50-690; tineke 30-610; kiss 35-80; mercedes 30-85; frisco 25-75; cocktail 30-80; jacaranda 25-75; madelon 20-55. Anjers: nora 45-110; scania 40-80; pallas 35-90; white sim 30-70. Chrysanten: reagan 35-70; refour 30-60; tom pearce 25-55. Tulpen: apeldoorn 30-65; golden appeldoorn 30-70; christmas marvel 25-55; monte carlo 30-65. Lelies: stargazer 130-240; casa blanca 150-280; connecticut king 70-140. Gerbera's: 25-60. Freesia's: 30-70. Irissen: 20-45. Fresia's gemengd 20-40. SCHIPLUIDEN – 21 febr. aanvoer: 14.200 kg tomaten; paprika rood 6,50-8,20; paprika groen 4,10-5,20; komkommers 0,80-1,15 per stuk; sla 0,45-0,70; radijs 0,55-0,80; peterselie 0,60-0,90. ZWOLLE – 21 febr. Veemarkt: aanvoer 1240 stuks; vette koeien 6,20-7,40; kalveren 4,50-6,10; biggen 3,40-4,20; nuchtere kalveren 300-450; schapen 180-260. PURMEREND – 21 febr. Kaasmarkt: goudse boerenkaas 8,90-10,40; jonge kaas 8,30-8,90; belegen 9,40-10,20; oude kaas 10,60-11,80. LEIDEN – 21 febr. Veemarkt: slachtkoeien 6,10-7,20; gebruiksvee 5,80-6,90; vaarzen 5,60-6,70; stieren 6,40-7,30; schapen 170-240; lammeren 190-260. AALSMEER – 21 febr. rozen 20-21 stuks: sonia gestr. 50-690; tineke 30-610; kiss 35-80; mercedes 30-85; frisco 25-75; cocktail 30-80; jacaranda 25-75; madelon 20-55. Anjers: nora 45-110; scania 40-80; pallas 35-90; white sim 30-70. Chrysanten: reagan 35-70; refour 30-60; tom pearce 25-55. Tulpen: apeldoorn 30-65; golden appeldoorn 30-70; christmas marvel 25-55; monte carlo 30-65. Lelies: stargazer 130-240; casa blanca 150-280; connecticut king 70-140. Gerbera's: 25-60. Freesia's: 30-70. Irissen: 20-45. Fresia's gemengd 20-40. SCHIPLUIDEN – 21 febr. aanvoer: 14.200 kg tomaten; paprika rood 6,50-8,20; paprika groen 4,10-5,20; komkommers 0,80-1,15 per stuk; sla 0,45-0,70; radijs 0,55-0,80; peterselie 0,60-0,90. ZWOLLE – 21 febr. Veemarkt: aanvoer 1240 stuks; vette koeien 6,20-7,40; kalveren 4,50-6,10; biggen 3,40-4,20; nuchtere kalveren 300-450; schapen 180-260. PURMEREND – 21 febr. Kaasmarkt: goudse boerenkaas 8,90-10,40; jonge kaas 8,30-8,90; belegen 9,40-10,20; oude kaas 10,60-11,80. LEIDEN – 21 febr. Veemarkt: slachtkoeien 6,10-7,20; gebruiksvee 5,80-6,90; vaarzen 5,60-6,70; stieren 6,40-7,30; schapen 170-240; lammeren 190-260.
AALSMEER – 21 febr. rozen 20-21 stuks: sonia gestr. 50-690; tineke 30-610; kiss 35-80; mercedes 30-85; frisco 25-75; cocktail 30-80; jacaranda 25-75; madelon 20-55. Anjers: nora 45-110; scania 40-80; pallas 35-90; white sim 30-70. Chrysanten: reagan 35-70; refour 30-60; tom pearce 25-55. Tulpen: apeldoorn 30-65; golden appeldoorn 30-70; christmas marvel 25-55; monte carlo 30-65. Lelies: stargazer 130-240; casa blanca 150-280; connecticut king 70-140. Gerbera's: 25-60. Freesia's: 30-70. Irissen: 20-45. Fresia's gemengd 20-40. SCHIPLUIDEN – 21 febr. aanvoer: 14.200 kg tomaten; paprika rood 6,50-8,20; paprika groen 4,10-5,20; komkommers 0,80-1,15 per stuk; sla 0,45-0,70; radijs 0,55-0,80; peterselie 0,60-0,90. ZWOLLE – 21 febr. Veemarkt: aanvoer 1240 stuks; vette koeien 6,20-7,40; kalveren 4,50-6,10; biggen 3,40-4,20; nuchtere kalveren 300-450; schapen 180-260. PURMEREND – 21 febr. Kaasmarkt: goudse boerenkaas 8,90-10,40; jonge kaas 8,30-8,90; belegen 9,40-10,20; oude kaas 10,60-11,80. LEIDEN – 21 febr. Veemarkt: slachtkoeien 6,10-7,20; gebruiksvee 5,80-6,90; vaarzen 5,60-6,70; stieren 6,40-7,30; schapen 170-240; lammeren 190-260. AALSMEER – 21 febr. rozen 20-21 stuks: sonia gestr. 50-690; tineke 30-610; kiss 35-80; mercedes 30-85; frisco 25-75; cocktail 30-80; jacaranda 25-75; madelon 20-55. Anjers: nora 45-110; scania 40-80; pallas 35-90; white sim 30-70. Chrysanten: reagan 35-70; refour 30-60; tom pearce 25-55. Tulpen: apeldoorn 30-65; golden appeldoorn 30-70; christmas marvel 25-55; monte carlo 30-65. Lelies: stargazer 130-240; casa blanca 150-280; connecticut king 70-140. Gerbera's: 25-60. Freesia's: 30-70. Irissen: 20-45. Fresia's gemengd 20-40. SCHIPLUIDEN – 21 febr. aanvoer: 14.200 kg tomaten; paprika rood 6,50-8,20; paprika groen 4,10-5,20; komkommers 0,80-1,15 per stuk; sla 0,45-0,70; radijs 0,55-0,80; peterselie 0,60-0,90. ZWOLLE – 21 febr. Veemarkt: aanvoer 1240 stuks; vette koeien 6,20-7,40; kalveren 4,50-6,10; biggen 3,40-4,20; nuchtere kalveren 300-450; schapen 180-260. PURMEREND – 21 febr. Kaasmarkt: goudse boerenkaas 8,90-10,40; jonge kaas 8,30-8,90; belegen 9,40-10,20; oude kaas 10,60-11,80. LEIDEN – 21 febr. Veemarkt: slachtkoeien 6,10-7,20; gebruiksvee 5,80-6,90; vaarzen 5,60-6,70; stieren 6,40-7,30; schapen 170-240; lammeren 190-260. AALSMEER – 21 febr. rozen 20-21 stuks: sonia gestr. 50-690; tineke 30-610; kiss 35-80; mercedes 30-85; frisco 25-75; cocktail 30-80; jacaranda 25-75; madelon 20-55. Anjers: nora 45-110; scania 40-80; pallas 35-90; white sim 30-70. Chrysanten: reagan 35-70; refour 30-60; tom pearce 25-55. Tulpen: apeldoorn 30-65; golden appeldoorn 30-70; christmas marvel 25-55; monte carlo 30-65. Lelies: stargazer 130-240; casa blanca 150-280; connecticut king 70-140. Gerbera's: 25-60. Freesia's: 30-70. Irissen: 20-45. Fresia's gemengd 20-40. SCHIPLUIDEN – 21 febr. aanvoer: 14.200 kg tomaten; paprika rood 6,50-8,20; paprika groen 4,10-5,20; komkommers 0,80-1,15 per stuk; sla 0,45-0,70; radijs 0,55-0,80; peterselie 0,60-0,90. ZWOLLE – 21 febr. Veemarkt: aanvoer 1240 stuks; vette koeien 6,20-7,40; kalveren 4,50-6,10; biggen 3,40-4,20; nuchtere kalveren 300-450; schapen 180-260. PURMEREND – 21 febr. Kaasmarkt: goudse boerenkaas 8,90-10,40; jonge kaas 8,30-8,90; belegen 9,40-10,20; oude kaas 10,60-11,80. LEIDEN – 21 febr. Veemarkt: slachtkoeien 6,10-7,20; gebruiksvee 5,80-6,90; vaarzen 5,60-6,70; stieren 6,40-7,30; schapen 170-240; lammeren 190-260.
AALSMEER – 21 febr. rozen 20-21 stuks: sonia gestr. 50-690; tineke 30-610; kiss 35-80; mercedes 30-85; frisco 25-75; cocktail 30-80; jacaranda 25-75; madelon 20-55. Anjers: nora 45-110; scania 40-80; pallas 35-90; white sim 30-70. Chrysanten: reagan 35-70; refour 30-60; tom pearce 25-55. Tulpen: apeldoorn 30-65; golden appeldoorn 30-70; christmas marvel 25-55; monte carlo 30-65. Lelies: stargazer 130-240; casa blanca 150-280; connecticut king 70-140. Gerbera's: 25-60. Freesia's: 30-70. Irissen: 20-45. Fresia's gemengd 20-40. SCHIPLUIDEN – 21 febr. aanvoer: 14.200 kg tomaten; paprika rood 6,50-8,20; paprika groen 4,10-5,20; komkommers 0,80-1,15 per stuk; sla 0,45-0,70; radijs 0,55-0,80; peterselie 0,60-0,90. ZWOLLE – 21 febr. Veemarkt: aanvoer 1240 stuks; vette koeien 6,20-7,40; kalveren 4,50-6,10; biggen 3,40-4,20; nuchtere kalveren 300-450; schapen 180-260. PURMEREND – 21 febr. Kaasmarkt: goudse boerenkaas 8,90-10,40; jonge kaas 8,30-8,90; belegen 9,40-10,20; oude kaas 10,60-11,80. LEIDEN – 21 febr. Veemarkt: slachtkoeien 6,10-7,20; gebruiksvee 5,80-6,90; vaarzen 5,60-6,70; stieren 6,40-7,30; schapen 170-240; lammeren 190-260. AALSMEER – 21 febr. rozen 20-21 stuks: sonia gestr. 50-690; tineke 30-610; kiss 35-80; mercedes 30-85; frisco 25-75; cocktail 30-80; jacaranda 25-75; madelon 20-55. Anjers: nora 45-110; scania 40-80; pallas 35-90; white sim 30-70. Chrysanten: reagan 35-70; refour 30-60; tom pearce 25-55. Tulpen: apeldoorn 30-65; golden appeldoorn 30-70; christmas marvel 25-55; monte carlo 30-65. Lelies: stargazer 130-240; casa blanca 150-280; connecticut king 70-140. Gerbera's: 25-60. Freesia's: 30-70. Irissen: 20-45. Fresia's gemengd 20-40. SCHIPLUIDEN – 21 febr. aanvoer: 14.200 kg tomaten; paprika rood 6,50-8,20; paprika groen 4,10-5,20; komkommers 0,80-1,15 per stuk; sla 0,45-0,70; radijs 0,55-0,80; peterselie 0,60-0,90. ZWOLLE – 21 febr. Veemarkt: aanvoer 1240 stuks; vette koeien 6,20-7,40; kalveren 4,50-6,10; biggen 3,40-4,20; nuchtere kalveren 300-450; schapen 180-260. PURMEREND – 21 febr. Kaasmarkt: goudse boerenkaas 8,90-10,40; jonge kaas 8,30-8,90; belegen 9,40-10,20; oude kaas 10,60-11,80. LEIDEN – 21 febr. Veemarkt: slachtkoeien 6,10-7,20; gebruiksvee 5,80-6,90; vaarzen 5,60-6,70; stieren 6,40-7,30; schapen 170-240; lammeren 190-260. AALSMEER – 21 febr. rozen 20-21 stuks: sonia gestr. 50-690; tineke 30-610; kiss 35-80; mercedes 30-85; frisco 25-75; cocktail 30-80; jacaranda 25-75; madelon 20-55. Anjers: nora 45-110; scania 40-80; pallas 35-90; white sim 30-70. Chrysanten: reagan 35-70; refour 30-60; tom pearce 25-55. Tulpen: apeldoorn 30-65; golden appeldoorn 30-70; christmas marvel 25-55; monte carlo 30-65. Lelies: stargazer 130-240; casa blanca 150-280; connecticut king 70-140. Gerbera's: 25-60. Freesia's: 30-70. Irissen: 20-45. Fresia's gemengd 20-40. SCHIPLUIDEN – 21 febr. aanvoer: 14.200 kg tomaten; paprika rood 6,50-8,20; paprika groen 4,10-5,20; komkommers 0,80-1,15 per stuk; sla 0,45-0,70; radijs 0,55-0,80; peterselie 0,60-0,90. ZWOLLE – 21 febr. Veemarkt: aanvoer 1240 stuks; vette koeien 6,20-7,40; kalveren 4,50-6,10; biggen 3,40-4,20; nuchtere kalveren 300-450; schapen 180-260. PURMEREND – 21 febr. Kaasmarkt: goudse boerenkaas 8,90-10,40; jonge kaas 8,30-8,90; belegen 9,40-10,20; oude kaas 10,60-11,80. LEIDEN – 21 febr. Veemarkt: slachtkoeien 6,10-7,20; gebruiksvee 5,80-6,90; vaarzen 5,60-6,70; stieren 6,40-7,30; schapen 170-240; lammeren 190-260.
BEURS AMSTERDAM
Unilever drukt Damrak

AMSTERDAM (ANP) – De aandelenkoersen op de Amsterdamse effectenbeurs waren maandagochtend grotendeels onder de schaduw van Unilever. Het was een somber begin van de week, waarbij de fondsen onder druk stonden door tegenvallende resultaten.

Unilever verloor terrein na de presentatie van de jaarcijfers. De handel bleef beperkt en de omzetten waren laag. Beleggers hielden zich afwachtend op voor de publicatie van nieuwe economische gegevens.

De AEX-index noteerde rond 11.00 uur 1,09 punt lager op 423,54. De meeste aandelen op de hoofdmarkt sloten op verlies. Banken en verzekeraars deden het relatief goed, terwijl de internationale fondsen achterbleven.

Een opmerkelijke prestatie leverde Oce van der Grinten, dat na sterke winstcijfers vooruitging. Ook Fokker stond in de belangstelling na de benoeming van een nieuwe directeur.

Rente Nedlloyd 4,25 pct.

ROTTERDAM (ANP) – De rente voor de converteerbare obligatielening van het transportconcern Nedlloyd is vastgesteld op 4,25 procent. De lening, die eerder deze maand werd aangekondigd, heeft een looptijd van vijf jaar.

Vanmorgen besloot Nedlloyd de uitgiftevoorwaarden definitief vast te stellen. De conversieprijs is bepaald op 76,50 gulden. De opbrengst zal worden gebruikt voor de financiering van de vlootvernieuwing.

Hun geest is nu rustig volgens de analisten; de lening werd ruim overtekend en de belangstelling van institutionele beleggers was groot.

Doordat de rente laag is, heeft Nedlloyd een gunstige positie kunnen verwerven. De lening wordt genoteerd aan de Amsterdamse beurs.

Weer Fokker-directeur weg

AMSTERDAM (ANP) – De scheidende topman van Fokker, J. Cornelis, heeft zijn vertrek aangekondigd. Hij wordt opgevolgd door een interim-directeur uit de kring van de raad van commissarissen.

Met het vertrek van de directeur komt de vliegtuigbouwer opnieuw in het nieuws. De onderneming verkeert in zwaar weer door de teruglopende vraag naar regionale vliegtuigen.

Het vertrek van Cornelis zou niets te maken hebben met de samenwerking met het Duitse DASA, zo verklaarde een woordvoerder van het bedrijf.

INDEXEN
CBS BEURSINDEX
algemeen	332,80 333,30
intern. concerns	371,60 372,10
lokaal	277,80 278,10
financieel	276,20 276,60
niet financieel	291,80 292,30
eoe-index	419,65 420,72
top 5-index	408,40 409,10
pakhoed hold	36,70 36,70
stork	38,60 38,50
unilever c	200,50 201,50
vnu	179,30 180,00
wolt-kluw	126,40 126,50
10% nl 86-96	112,35 112,30
10% nl 89-99	112,80 112,80
10% nl 90-00	107,50 107,40
8 3/4 nl 90-00	111,10 111,00
8 3/4 nl 91-01	112,70 112,75
8 1/2 nl 91-01	112,40 112,40
8 1/4 nl 91-01	111,00 111,00
8 nl 89-99	110,90 110,80
7 3/4 nl 92-02	110,05 110,00
7 1/2 nl 93-03	108,60 108,60
7 1/4 nl 89-99	107,70 107,60
7 nl 93-03	106,80 106,80
6 3/4 nl 93-03	104,90 104,90
6 1/2 nl 93-03	103,30 103,30
6 nl 93-03	101,50 101,40
5 3/4 nl 93-04	99,80 99,80
vs dollar	1,93575 1,94100
engelse pond	2,8645 2,8730
duitse mark	112,425 112,420
franse frank	32,865 32,870
zwitserse fr.	132,670 132,900
japanse yen	1,8565 1,8615
italiaanse lire	0,11395 0,11405
belg. frank	5,4505 5,4545
deense kroon	28,725 28,745
noorse kroon	25,420 25,440
zweedse kroon	24,155 24,175
oost. schill.	15,9865 15,9905
spaanse pes.	1,3710 1,3740
port. escudo	1,1125 1,1175
canad. dollar	1,4270 1,4320
austr. dollar	1,3540 1,3590
ecu	2,1590 2,1630
abn amro hold	61.30 61.00
abn amro pf	61.00 61.00
abn amro pfd	109,90 109,90
abn amro pal	106,70 106,30
ECONOMISCH KORT

■ De groep rond de Britse uitgever Mirror Group Newspapers heeft haar belang in het Nederlandse dagblad het Independent laten dalen. Dit werd vandaag bekendgemaakt.

■ Norsk Hydro, het Noorse energie- en chemieconcern, heeft zijn nettowinst vorig jaar zien stijgen tot 1,75 miljard kroon. De omzet nam licht toe.

■ Alfons Lafarga, de voorzitter van de raad van commissarissen van het Spaanse concern, treedt terug. Zijn opvolger wordt binnenkort benoemd.

■ De Zweedse kartonfabrikant Trelleborg heeft zijn nettowinst vorig jaar zien verdubbelen. Het bedrijf verwacht ook dit jaar een verdere groei.

■ Nederlandse vliegtuigonderdelenfabrikant heeft een grote order binnengehaald voor levering aan een Amerikaanse luchtvaartmaatschappij.

AALSMEER – 21 febr. rozen 20-21 stuks: sonia gestr. 50-690; tineke 30-610; kiss 35-80; mercedes 30-85; frisco 25-75; cocktail 30-80; jacaranda 25-75; madelon 20-55. Anjers: nora 45-110; scania 40-80; pallas 35-90; white sim 30-70. Chrysanten: reagan 35-70; refour 30-60; tom pearce 25-55. Tulpen: apeldoorn 30-65; golden appeldoorn 30-70; christmas marvel 25-55; monte carlo 30-65. Lelies: stargazer 130-240; casa blanca 150-280; connecticut king 70-140. Gerbera's: 25-60. Freesia's: 30-70. Irissen: 20-45. Fresia's gemengd 20-40. SCHIPLUIDEN – 21 febr. aanvoer: 14.200 kg tomaten; paprika rood 6,50-8,20; paprika groen 4,10-5,20; komkommers 0,80-1,15 per stuk; sla 0,45-0,70; radijs 0,55-0,80; peterselie 0,60-0,90. ZWOLLE – 21 febr. Veemarkt: aanvoer 1240 stuks; vette koeien 6,20-7,40; kalveren 4,50-6,10; biggen 3,40-4,20; nuchtere kalveren 300-450; schapen 180-260. PURMEREND – 21 febr. Kaasmarkt: goudse boerenkaas 8,90-10,40; jonge kaas 8,30-8,90; belegen 9,40-10,20; oude kaas 10,60-11,80. LEIDEN – 21 febr. Veemarkt: slachtkoeien 6,10-7,20; gebruiksvee 5,80-6,90; vaarzen 5,60-6,70; stieren 6,40-7,30; schapen 170-240; lammeren 190-260. AALSMEER – 21 febr. rozen 20-21 stuks: sonia gestr. 50-690; tineke 30-610; kiss 35-80; mercedes 30-85; frisco 25-75; cocktail 30-80; jacaranda 25-75; madelon 20-55. Anjers: nora 45-110; scania 40-80; pallas 35-90; white sim 30-70. Chrysanten: reagan 35-70; refour 30-60; tom pearce 25-55. Tulpen: apeldoorn 30-65; golden appeldoorn 30-70; christmas marvel 25-55; monte carlo 30-65. Lelies: stargazer 130-240; casa blanca 150-280; connecticut king 70-140. Gerbera's: 25-60. Freesia's: 30-70. Irissen: 20-45. Fresia's gemengd 20-40. SCHIPLUIDEN – 21 febr. aanvoer: 14.200 kg tomaten; paprika rood 6,50-8,20; paprika groen 4,10-5,20; komkommers 0,80-1,15 per stuk; sla 0,45-0,70; radijs 0,55-0,80; peterselie 0,60-0,90. ZWOLLE – 21 febr. Veemarkt: aanvoer 1240 stuks; vette koeien 6,20-7,40; kalveren 4,50-6,10; biggen 3,40-4,20; nuchtere kalveren 300-450; schapen 180-260. PURMEREND – 21 febr. Kaasmarkt: goudse boerenkaas 8,90-10,40; jonge kaas 8,30-8,90; belegen 9,40-10,20; oude kaas 10,60-11,80. LEIDEN – 21 febr. Veemarkt: slachtkoeien 6,10-7,20; gebruiksvee 5,80-6,90; vaarzen 5,60-6,70; stieren 6,40-7,30; schapen 170-
AALSMEER – 21 febr. rozen 20-21 stuks: sonia gestr. 50-690; tineke 30-610; kiss 35-80; mercedes 30-85; frisco 25-75; cocktail 30-80; jacaranda 25-75; madelon 20-55. Anjers: nora 45-110; scania 40-80; pallas 35-90; white sim 30-70. Chrysanten: reagan 35-70; refour 30-60; tom pearce 25-55. Tulpen: apeldoorn 30-65; golden appeldoorn 30-70; christmas marvel 25-55; monte carlo 30-65. Lelies: stargazer 130-240; casa blanca 150-280; connecticut king 70-140. Gerbera's: 25-60. Freesia's: 30-70. Irissen: 20-45. Fresia's gemengd 20-40. SCHIPLUIDEN – 21 febr. aanvoer: 14.200 kg tomaten; paprika rood 6,50-8,20; paprika groen 4,10-5,20; komkommers 0,80-1,15 per stuk; sla 0,45-0,70; radijs 0,55-0,80; peterselie 0,60-0,90. ZWOLLE – 21 febr. Veemarkt: aanvoer 1240 stuks; vette koeien 6,20-7,40; kalveren 4,50-6,10; biggen 3,40-4,20; nuchtere kalveren 300-450; schapen 180-260. PURMEREND – 21 febr. Kaasmarkt: goudse boerenkaas 8,90-10,40; jonge kaas 8,30-8,90; belegen 9,40-10,20; oude kaas 10,60-11,80. LEIDEN – 21 febr. Veemarkt: slachtkoeien 6,10-7,20; gebruiksvee 5,80-6,90; vaarzen 5,60-6,70; stieren 6,40-7,30; schapen 170-240; lammeren 190-260. AALSMEER – 21 febr. rozen 20-21 stuks: sonia gestr. 50-690; tineke 30-610; kiss 35-80; mercedes 30-85; frisco 25-75; cocktail 30-80; jacaranda 25-75; madelon 20-55. Anjers: nora 45-110; scania 40-80; pallas 35-90; white sim 30-70. Chrysanten: reagan 35-70; refour 30-60; tom pearce 25-55. Tulpen: apeldoorn 30-65; golden appeldoorn 30-70; christmas marvel 25-55; monte carlo 30-65. Lelies: stargazer 130-240; casa blanca 150-280; connecticut king 70-140. Gerbera's: 25-60. Freesia's: 30-70. Irissen: 20-45. Fresia's gemengd 20-40. SCHIPLUIDEN – 21 febr. aanvoer: 14.200 kg tomaten; paprika rood 6,50-8,20; paprika groen 4,10-5,20; komkommers 0,80-1,15 per stuk; sla 0,45-0,70; radijs 0,55-0,80; peterselie 0,60-0,90. ZWOLLE – 21 febr. Veemarkt: aanvoer 1240 stuks; vette koeien 6,20-7,40; kalveren 4,50-6,10; biggen 3,40-4,20; nuchtere kalveren 300-450; schapen 180-260. PURMEREND – 21 febr. Kaasmarkt: goudse boerenkaas 8,90-10,40; jonge kaas 8,30-8,90; belegen 9,40-10,20; oude kaas 10,60-11,80. LEIDEN – 21 febr. Veemarkt: slachtkoeien 6,10-7,20; gebruiksvee 5,80-6,90; vaarzen 5,60-6,70; stieren 6,40-7,30; schapen 170-
GOEDERENMARKTEN
AALSMEER – 21 febr. rozen 20-21 stuks: sonia gestr. 50-690; tineke 30-610; kiss 35-80; mercedes 30-85; frisco 25-75; cocktail 30-80; jacaranda 25-75; madelon 20-55. Anjers: nora 45-110; scania 40-80; pallas 35-90; white sim 30-70. Chrysanten: reagan 35-70; refour 30-60; tom pearce 25-55. Tulpen: apeldoorn 30-65; golden appeldoorn 30-70; christmas marvel 25-55; monte carlo 30-65. Lelies: stargazer 130-240; casa blanca 150-280; connecticut king 70-140. Gerbera's: 25-60. Freesia's: 30-70. Irissen: 20-45. Fresia's gemengd 20-40. SCHIPLUIDEN – 21 febr. aanvoer: 14.200 kg tomaten; paprika rood 6,50-8,20; paprika groen 4,10-5,20; komkommers 0,80-1,15 per stuk; sla 0,45-0,70; radijs 0,55-0,80; peterselie 0,60-0,90. ZWOLLE – 21 febr. Veemarkt: aanvoer 1240 stuks; vette koeien 6,20-7,40; kalveren 4,50-6,10; biggen 3,40-4,20; nuchtere kalveren 300-450; schapen 180-260. PURMEREND – 21 febr. Kaasmarkt: goudse boerenkaas 8,90-10,40; jonge kaas 8,30-8,90; belegen 9,40-10,20; oude kaas 10,60-11,80. LEIDEN – 21 febr. Veemarkt: slachtkoeien 6,10-7,20; gebruiksvee 5,80-6,90; vaarzen 5,60-6,70; stieren 6,40-7,30; schapen 170-240; lammeren 190-260. AALSMEER – 21 febr. rozen 20-21 stuks: sonia gestr. 50-690; tineke 30-610; kiss 35-80; mercedes 30-85; frisco 25-75; cocktail 30-80; jacaranda 25-75; madelon 20-55. Anjers: nora 45-110; scania 40-80; pallas 35-90; white sim 30-70. Chrysanten: reagan 35-70; refour 30-60; tom pearce 25-55. Tulpen: apeldoorn 30-65; golden appeldoorn 30-70; christmas marvel 25-55; monte carlo 30-65. Lelies: stargazer 130-240; casa blanca 150-280; connecticut king 70-140. Gerbera's: 25-60. Freesia's: 30-70. Irissen: 20-45. Fresia's gemengd 20-40. SCHIPLUIDEN – 21 febr. aanvoer: 14.200 kg tomaten; paprika rood 6,50-8,20; paprika groen 4,10-5,20; komkommers 0,80-1,15 per stuk; sla 0,45-0,70; radijs 0,55-0,80; peterselie 0,60-0,90. ZWOLLE – 21 febr. Veemarkt: aanvoer 1240 stuks; vette koeien 6,20-7,40; kalveren 4,50-6,10; biggen 3,40-4,20; nuchtere kalveren 300-450; schapen 180-260. PURMEREND – 21 febr. Kaasmarkt: goudse boerenkaas 8,90-10,40; jonge kaas 8,30-8,90; belegen 9,40-10,20; oude kaas 10,60-11,80. LEIDEN – 21 febr. Veemarkt: slachtkoeien 6,10-7,20; gebruiksvee 5,80-6,90; vaarzen 5,60-6,70; stieren 6,40-7,30; schapen 170-240; lammeren 190-260. AALSMEER – 21 febr. rozen 20-21 stuks: sonia gestr. 50-690; tineke 30-610; kiss 35-80; mercedes 30-85; frisco 25-75; cocktail 30-80; jacaranda 25-75; madelon 20-55. Anjers: nora 45-110; scania 40-80; pallas 35-90; white sim 30-70. Chrysanten: reagan 35-70; refour 30-60; tom pearce 25-55. Tulpen: apeldoorn 30-65; golden appeldoorn 30-70; christmas marvel 25-55; monte carlo 30-65. Lelies: stargazer 130-240; casa blanca 150-280; connecticut king 70-140. Gerbera's: 25-60. Freesia's: 30-70. Irissen: 20-45. Fresia's gemengd 20-40. SCHIPLUIDEN – 21 febr. aanvoer: 14.200 kg tomaten; paprika rood 6,50-8,20; paprika groen 4,10-5,20; komkommers 0,80-1,15 per stuk; sla 0,45-0,70; radijs 0,55-0,80; peterselie 0,60-0,90. ZWOLLE – 21 febr. Veemarkt: aanvoer 1240 stuks; vette koeien 6,20-7,40; kalveren 4,50-6,10; biggen 3,40-4,20; nuchtere kalveren 300-450; schapen 180-260. PURMEREND – 21 febr. Kaasmarkt: goudse boerenkaas 8,90-10,40; jonge kaas 8,30-8,90; belegen 9,40-10,20; oude kaas 10,60-11,80. LEIDEN – 21 febr. Veemarkt: slachtkoeien 6,10-7,20; gebruiksvee 5,80-6,90; vaarzen 5,60-6,70; stieren 6,40-7,30; schapen 170-240; lammeren 190-260.
SINGAPORE
rubber rss 1 mrt	209,50 209,50
rubber rss 1 apr	210,50 210,50
tin	12,85 12,80
koffie robusta	1290 1280
cacao	1025 1020
suiker	11,34 11,30
goud	384,90 385,10
zilver	531,50 532,00
platina	394,60 395,40
ruwe olie brent	13,55 13,60
sojabonen	680,75 681,25
tarwe	371,50 372,00
mais	288,75 289,25
10% nl 90-00	107,50 107,40
8 3/4 nl 90-00	111,10 111,00
8 3/4 nl 91-01	112,70 112,75
8 1/2 nl 91-01	112,40 112,40
8 1/4 nl 91-01	111,00 111,00
8 nl 89-99	110,90 110,80
7 3/4 nl 92-02	110,05 110,00
7 1/2 nl 93-03	108,60 108,60
7 1/4 nl 89-99	107,70 107,60
7 nl 93-03	106,80 106,80
6 3/4 nl 93-03	104,90 104,90
6 1/2 nl 93-03	103,30 103,30
6 nl 93-03	101,50 101,40
5 3/4 nl 93-04	99,80 99,80
vs dollar	1,93575 1,94100
engelse pond	2,8645 2,8730
duitse mark	112,425 112,420
franse frank	32,865 32,870
zwitserse fr.	132,670 132,900
japanse yen	1,8565 1,8615
italiaanse lire	0,11395 0,11405
belg. frank	5,4505 5,4545
deense kroon	28,725 28,745
noorse kroon	25,420 25,440
zweedse kroon	24,155 24,175
oost. schill.	15,9865 15,9905
spaanse pes.	1,3710 1,3740
port. escudo	1,1125 1,1175
canad. dollar	1,4270 1,4320
austr. dollar	1,3540 1,3590
ecu	2,1590 2,1630
abn amro hold	61.30 61.00
abn amro pf	61.00 61.00
abn amro pfd	109,90 109,90
abn amro pal	106,70 106,30
aegon	95,60 95,60
ahold	50,70 50,40
akzo	208,50 209,00
amev	97,40 96,90
bols wessanen c	44,90 44,90
crm van	76,20 77,80
dordtsche p	185,50 184,10
dsm	110,20 110,50
elsevier	175,20 171,00
fokker	20,00 21,60
gist-broc. c	35,80 36,00
heineken	202,80 201,20
heineken hold	205,00 204,50
hoogovens	61,60 61,10
hunter doug	62,10 62,00
ing	86,00 86,30
ing Iw	84,70 84,80
int ned gr	84,10 84,30
kim	47,20 47,70
kon olie	200,70 200,10
kpn	60,80 60,80
nat ned gr	80,60 80,70
nedlloyd	55,40 55,60
oce-van der	68,80 68,70
philips	52,50 52,40
polygram	81,60 81,70
pakhoed hold	36,70 36,70
stork	38,60 38,50
unilever c	200,50 201,50
vnu	179,30 180,00
wolt-kluw	126,40 126,50
10% nl 86-96	112,35 112,30
10% nl 89-99	112,80 112,80
10% nl 90-00	107,50 107,40
8 3/4 nl 90-00	111,10 111,00
8 3/4 nl 91-01	112,70 112,75
8 1/2 nl 91-01	112,40 112,40
8 1/4 nl 91-01	111,00 111,00
8 nl 89-99	110,90 110,80
7 3/4 nl 92-02	110,05 110,00
7 1/2 nl 93-03	108,60 108,60
7 1/4 nl 89-99	107,70 107,60
7 nl 93-03	106,80 106,80
6 3/4 nl 93-03	104,90 104,90
6 1/2 nl 93-03	103,30 103,30
6 nl 93-03	101,50 101,40
5 3/4 nl 93-04	99,80 99,80
vs dollar	1,93575 1,94100
engelse pond	2,8645 2,8730
duitse mark	112,425 112,420
franse frank	32,865 32,870
zwitserse fr.	132,670 132,900
japanse yen	1,8565 1,8615
italiaanse lire	0,11395 0,11405
belg. frank	5,4505 5,4545
deense kroon	28,725 28,745
noorse kroon	25,420 25,440
